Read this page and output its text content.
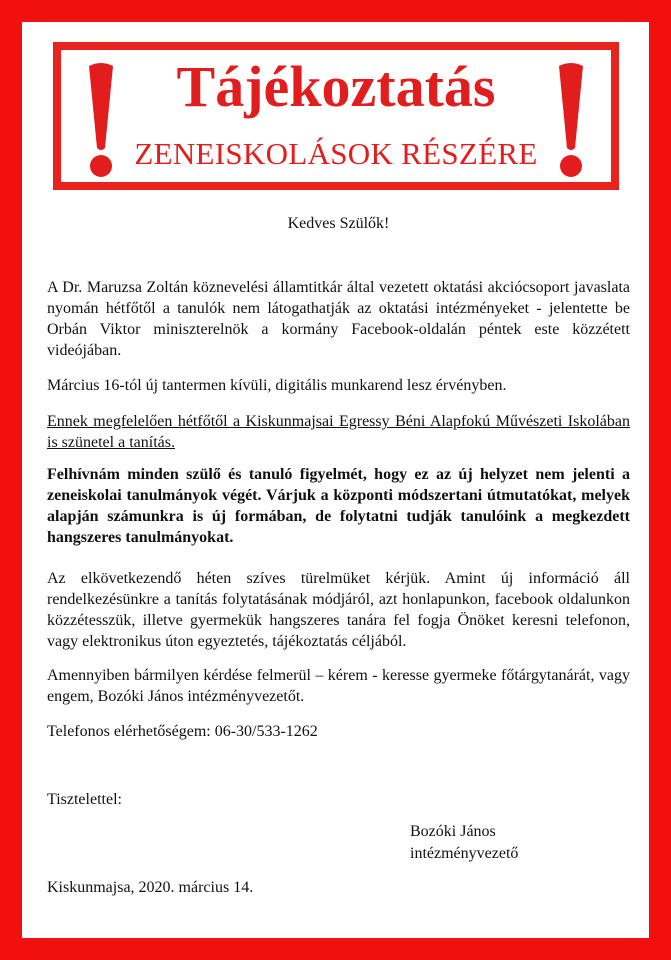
Tájékoztatás
ZENEISKOLÁSOK RÉSZÉRE
Kedves Szülők!

A Dr. Maruzsa Zoltán köznevelési államtitkár által vezetett oktatási akciócsoport javaslata nyomán hétfőtől a tanulók nem látogathatják az oktatási intézményeket - jelentette be Orbán Viktor miniszterelnök a kormány Facebook-oldalán péntek este közzétett videójában.

Március 16-tól új tantermen kívüli, digitális munkarend lesz érvényben.

Ennek megfelelően hétfőtől a Kiskunmajsai Egressy Béni Alapfokú Művészeti Iskolában is szünetel a tanítás.

Felhívnám minden szülő és tanuló figyelmét, hogy ez az új helyzet nem jelenti a zeneiskolai tanulmányok végét. Várjuk a központi módszertani útmutatókat, melyek alapján számunkra is új formában, de folytatni tudják tanulóink a megkezdett hangszeres tanulmányokat.

Az elkövetkezendő héten szíves türelmüket kérjük. Amint új információ áll rendelkezésünkre a tanítás folytatásának módjáról, azt honlapunkon, facebook oldalunkon közzétesszük, illetve gyermekük hangszeres tanára fel fogja Önöket keresni telefonon, vagy elektronikus úton egyeztetés, tájékoztatás céljából.

Amennyiben bármilyen kérdése felmerül – kérem - keresse gyermeke főtárgytanárát, vagy engem, Bozóki János intézményvezetőt.

Telefonos elérhetőségem: 06-30/533-1262

Tisztelettel:
Bozóki János
intézményvezető
Kiskunmajsa, 2020. március 14.
